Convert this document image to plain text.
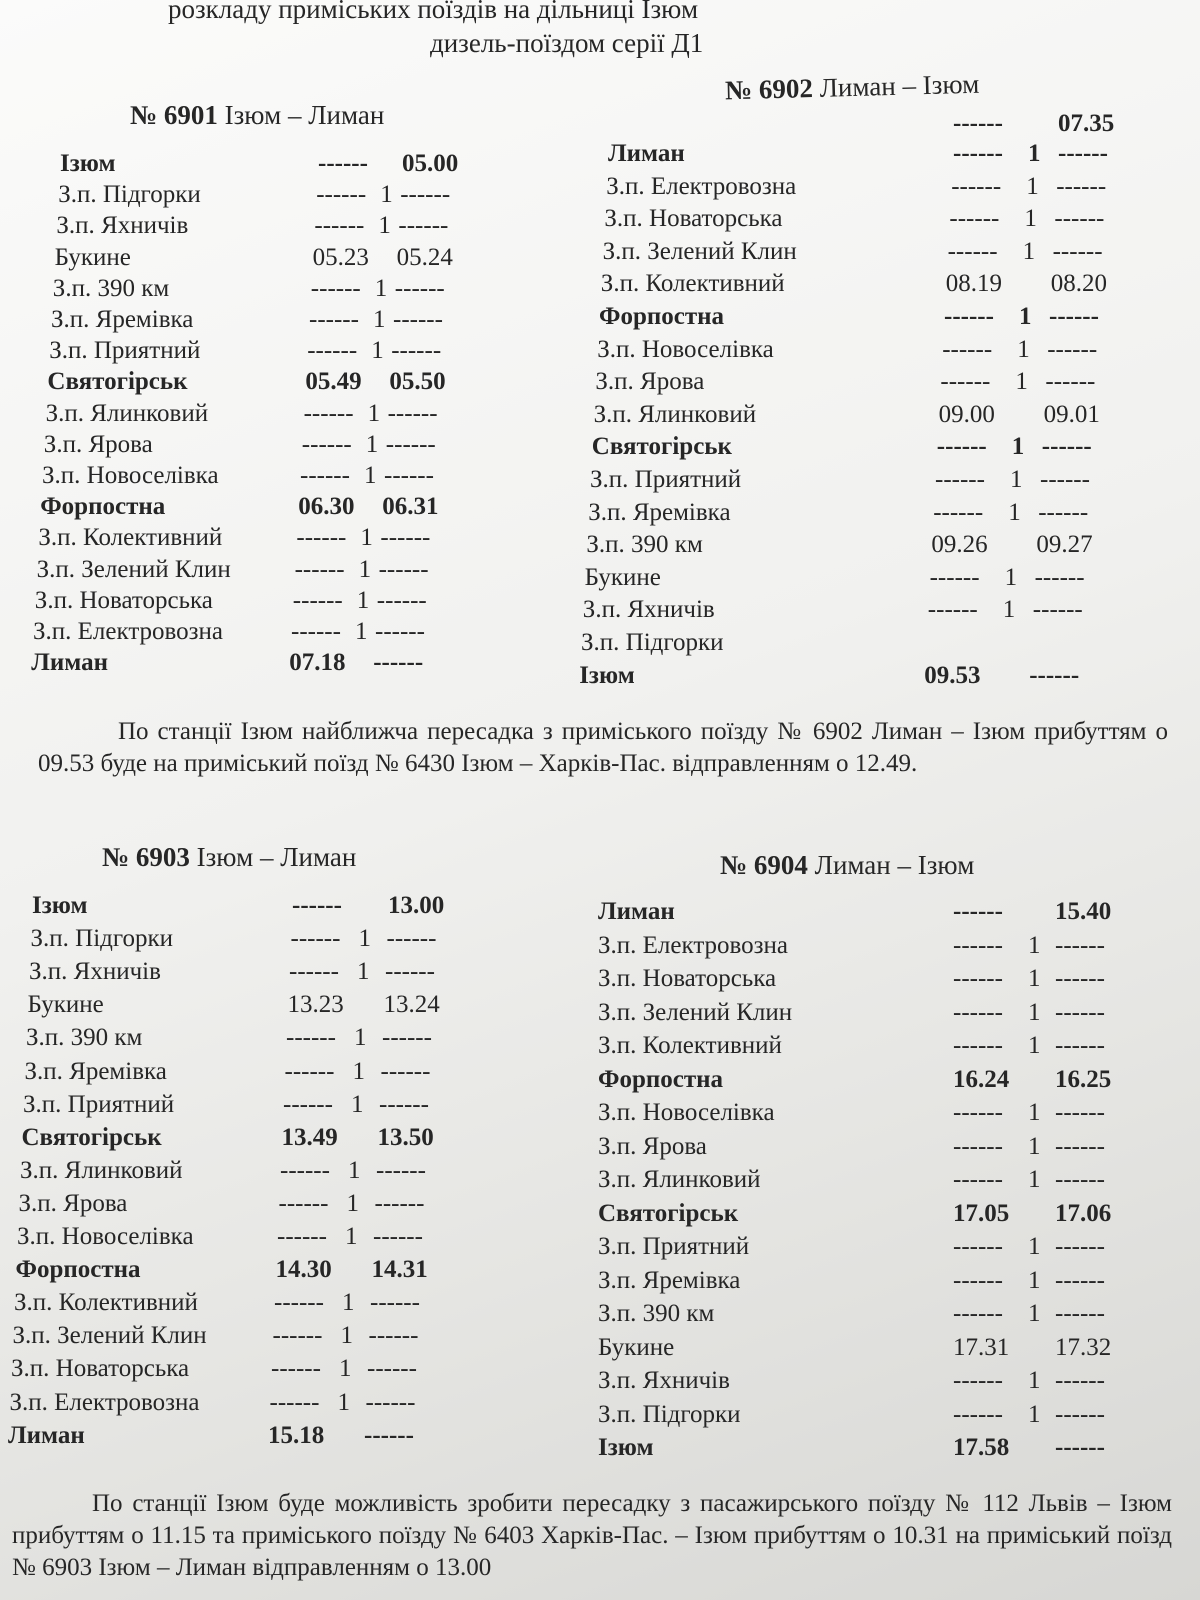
розкладу приміських поїздів на дільниці Ізюм
дизель-поїздом серії Д1
№ 6901 Ізюм – Лиман
Ізюм	------ 05.00
З.п. Підгорки	------ 1 ------
З.п. Яхничів	------ 1 ------
Букине	05.23 05.24
З.п. 390 км	------ 1 ------
З.п. Яремівка	------ 1 ------
З.п. Приятний	------ 1 ------
Святогірськ	05.49 05.50
З.п. Ялинковий	------ 1 ------
З.п. Ярова	------ 1 ------
З.п. Новоселівка	------ 1 ------
Форпостна	06.30 06.31
З.п. Колективний	------ 1 ------
З.п. Зелений Клин	------ 1 ------
З.п. Новаторська	------ 1 ------
З.п. Електровозна	------ 1 ------
Лиман	07.18 ------
№ 6902 Лиман – Ізюм
------ 07.35
Лиман	------ 1 ------
З.п. Електровозна	------ 1 ------
З.п. Новаторська	------ 1 ------
З.п. Зелений Клин	------ 1 ------
З.п. Колективний	08.19 08.20
Форпостна	------ 1 ------
З.п. Новоселівка	------ 1 ------
З.п. Ярова	------ 1 ------
З.п. Ялинковий	09.00 09.01
Святогірськ	------ 1 ------
З.п. Приятний	------ 1 ------
З.п. Яремівка	------ 1 ------
З.п. 390 км	09.26 09.27
Букине	------ 1 ------
З.п. Яхничів	------ 1 ------
З.п. Підгорки
Ізюм	09.53 ------
По станції Ізюм найближча пересадка з приміського поїзду № 6902 Лиман – Ізюм прибуттям о 09.53 буде на приміський поїзд № 6430 Ізюм – Харків-Пас. відправленням о 12.49.
№ 6903 Ізюм – Лиман
Ізюм	------ 13.00
З.п. Підгорки	------ 1 ------
З.п. Яхничів	------ 1 ------
Букине	13.23 13.24
З.п. 390 км	------ 1 ------
З.п. Яремівка	------ 1 ------
З.п. Приятний	------ 1 ------
Святогірськ	13.49 13.50
З.п. Ялинковий	------ 1 ------
З.п. Ярова	------ 1 ------
З.п. Новоселівка	------ 1 ------
Форпостна	14.30 14.31
З.п. Колективний	------ 1 ------
З.п. Зелений Клин	------ 1 ------
З.п. Новаторська	------ 1 ------
З.п. Електровозна	------ 1 ------
Лиман	15.18 ------
№ 6904 Лиман – Ізюм
Лиман	------ 15.40
З.п. Електровозна	------ 1 ------
З.п. Новаторська	------ 1 ------
З.п. Зелений Клин	------ 1 ------
З.п. Колективний	------ 1 ------
Форпостна	16.24 16.25
З.п. Новоселівка	------ 1 ------
З.п. Ярова	------ 1 ------
З.п. Ялинковий	------ 1 ------
Святогірськ	17.05 17.06
З.п. Приятний	------ 1 ------
З.п. Яремівка	------ 1 ------
З.п. 390 км	------ 1 ------
Букине	17.31 17.32
З.п. Яхничів	------ 1 ------
З.п. Підгорки	------ 1 ------
Ізюм	17.58 ------
По станції Ізюм буде можливість зробити пересадку з пасажирського поїзду № 112 Львів – Ізюм прибуттям о 11.15 та приміського поїзду № 6403 Харків-Пас. – Ізюм прибуттям о 10.31 на приміський поїзд № 6903 Ізюм – Лиман відправленням о 13.00
